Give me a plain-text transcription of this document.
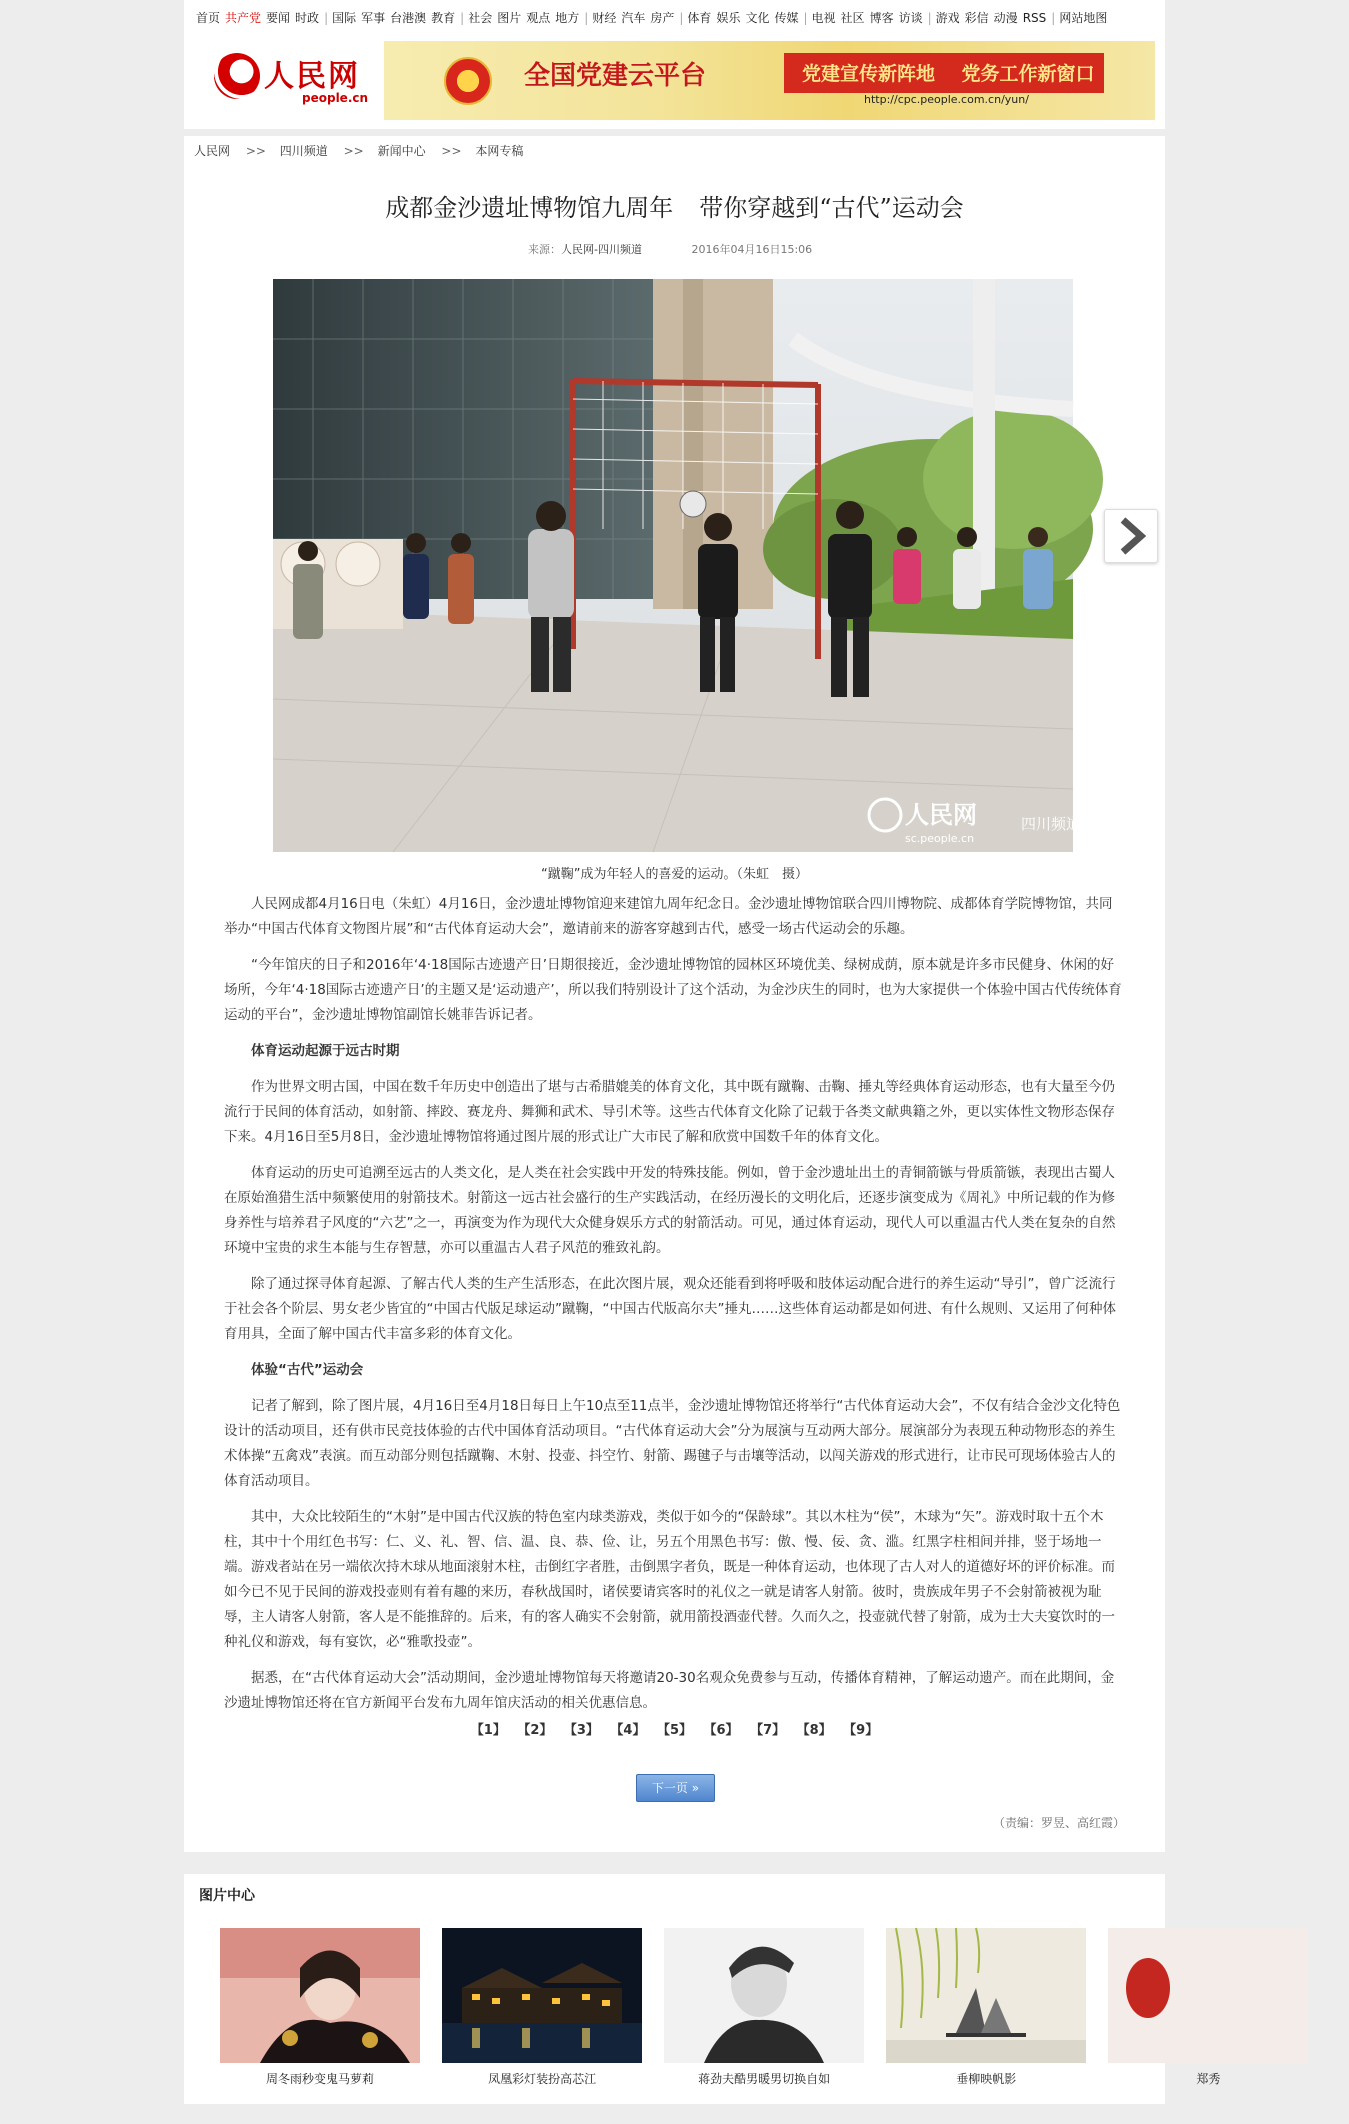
首页 共产党 要闻 时政 | 国际 军事 台港澳 教育 | 社会 图片 观点 地方 | 财经 汽车 房产 | 体育 娱乐 文化 传媒 | 电视 社区 博客 访谈 | 游戏 彩信 动漫 RSS | 网站地图
人民网
people.cn
全国党建云平台	党建宣传新阵地    党务工作新窗口
http://cpc.people.com.cn/yun/
人民网 >> 四川频道 >> 新闻中心 >> 本网专稿
成都金沙遗址博物馆九周年 带你穿越到“古代”运动会
来源：人民网-四川频道	2016年04月16日15:06
人民网
sc.people.cn
四川频道
“蹴鞠”成为年轻人的喜爱的运动。（朱虹　摄）

人民网成都4月16日电（朱虹）4月16日，金沙遗址博物馆迎来建馆九周年纪念日。金沙遗址博物馆联合四川博物院、成都体育学院博物馆，共同举办“中国古代体育文物图片展”和“古代体育运动大会”，邀请前来的游客穿越到古代，感受一场古代运动会的乐趣。

“今年馆庆的日子和2016年‘4·18国际古迹遗产日’日期很接近，金沙遗址博物馆的园林区环境优美、绿树成荫，原本就是许多市民健身、休闲的好场所，今年‘4·18国际古迹遗产日’的主题又是‘运动遗产’，所以我们特别设计了这个活动，为金沙庆生的同时，也为大家提供一个体验中国古代传统体育运动的平台”，金沙遗址博物馆副馆长姚菲告诉记者。

体育运动起源于远古时期

作为世界文明古国，中国在数千年历史中创造出了堪与古希腊媲美的体育文化，其中既有蹴鞠、击鞠、捶丸等经典体育运动形态，也有大量至今仍流行于民间的体育活动，如射箭、摔跤、赛龙舟、舞狮和武术、导引术等。这些古代体育文化除了记载于各类文献典籍之外，更以实体性文物形态保存下来。4月16日至5月8日，金沙遗址博物馆将通过图片展的形式让广大市民了解和欣赏中国数千年的体育文化。

体育运动的历史可追溯至远古的人类文化，是人类在社会实践中开发的特殊技能。例如，曾于金沙遗址出土的青铜箭镞与骨质箭镞，表现出古蜀人在原始渔猎生活中频繁使用的射箭技术。射箭这一远古社会盛行的生产实践活动，在经历漫长的文明化后，还逐步演变成为《周礼》中所记载的作为修身养性与培养君子风度的“六艺”之一，再演变为作为现代大众健身娱乐方式的射箭活动。可见，通过体育运动，现代人可以重温古代人类在复杂的自然环境中宝贵的求生本能与生存智慧，亦可以重温古人君子风范的雅致礼韵。

除了通过探寻体育起源、了解古代人类的生产生活形态，在此次图片展，观众还能看到将呼吸和肢体运动配合进行的养生运动“导引”，曾广泛流行于社会各个阶层、男女老少皆宜的“中国古代版足球运动”蹴鞠，“中国古代版高尔夫”捶丸……这些体育运动都是如何进、有什么规则、又运用了何种体育用具，全面了解中国古代丰富多彩的体育文化。

体验“古代”运动会

记者了解到，除了图片展，4月16日至4月18日每日上午10点至11点半，金沙遗址博物馆还将举行“古代体育运动大会”，不仅有结合金沙文化特色设计的活动项目，还有供市民竞技体验的古代中国体育活动项目。“古代体育运动大会”分为展演与互动两大部分。展演部分为表现五种动物形态的养生术体操“五禽戏”表演。而互动部分则包括蹴鞠、木射、投壶、抖空竹、射箭、踢毽子与击壤等活动，以闯关游戏的形式进行，让市民可现场体验古人的体育活动项目。

其中，大众比较陌生的“木射”是中国古代汉族的特色室内球类游戏，类似于如今的“保龄球”。其以木柱为“侯”，木球为“矢”。游戏时取十五个木柱，其中十个用红色书写：仁、义、礼、智、信、温、良、恭、俭、让，另五个用黑色书写：傲、慢、佞、贪、滥。红黑字柱相间并排，竖于场地一端。游戏者站在另一端依次持木球从地面滚射木柱，击倒红字者胜，击倒黑字者负，既是一种体育运动，也体现了古人对人的道德好坏的评价标准。而如今已不见于民间的游戏投壶则有着有趣的来历，春秋战国时，诸侯要请宾客时的礼仪之一就是请客人射箭。彼时，贵族成年男子不会射箭被视为耻辱，主人请客人射箭，客人是不能推辞的。后来，有的客人确实不会射箭，就用箭投酒壶代替。久而久之，投壶就代替了射箭，成为士大夫宴饮时的一种礼仪和游戏，每有宴饮，必“雅歌投壶”。

据悉，在“古代体育运动大会”活动期间，金沙遗址博物馆每天将邀请20-30名观众免费参与互动，传播体育精神，了解运动遗产。而在此期间，金沙遗址博物馆还将在官方新闻平台发布九周年馆庆活动的相关优惠信息。

【1】 【2】 【3】 【4】 【5】 【6】 【7】 【8】 【9】
下一页 »
（责编：罗昱、高红霞）
图片中心
周冬雨秒变鬼马萝莉
	凤凰彩灯装扮高芯江
	蒋劲夫酷男暖男切换自如
	垂柳映帆影
	郑秀
